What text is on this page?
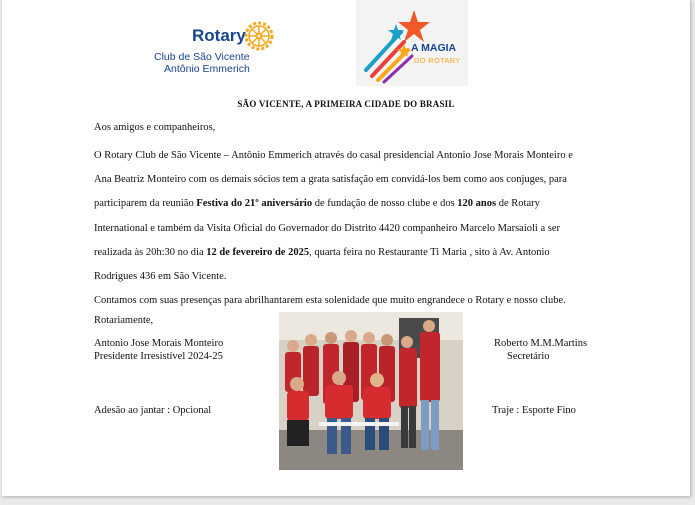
Rotary
Club de São Vicente
Antônio Emmerich
A MAGIA
DO ROTARY
SÃO VICENTE, A PRIMEIRA CIDADE DO BRASIL
Aos amigos e companheiros,
O Rotary Club de São Vicente – Antônio Emmerich através do casal presidencial Antonio Jose Morais Monteiro e
Ana Beatriz Monteiro com os demais sócios tem a grata satisfação em convidá-los bem como aos conjuges, para
participarem da reunião Festiva do 21º aniversário de fundação de nosso clube e dos 120 anos de Rotary
International e também da Visita Oficial do Governador do Distrito 4420 companheiro Marcelo Marsaioli a ser
realizada às 20h:30 no dia 12 de fevereiro de 2025, quarta feira no Restaurante Ti Maria , sito à Av. Antonio
Rodrigues 436 em São Vicente.
Contamos com suas presenças para abrilhantarem esta solenidade que muito engrandece o Rotary e nosso clube.
Rotariamente,
Antonio Jose Morais Monteiro
Presidente Irresistível 2024-25
Roberto M.M.Martins
Secretário
Adesão ao jantar : Opcional	Traje : Esporte Fino
